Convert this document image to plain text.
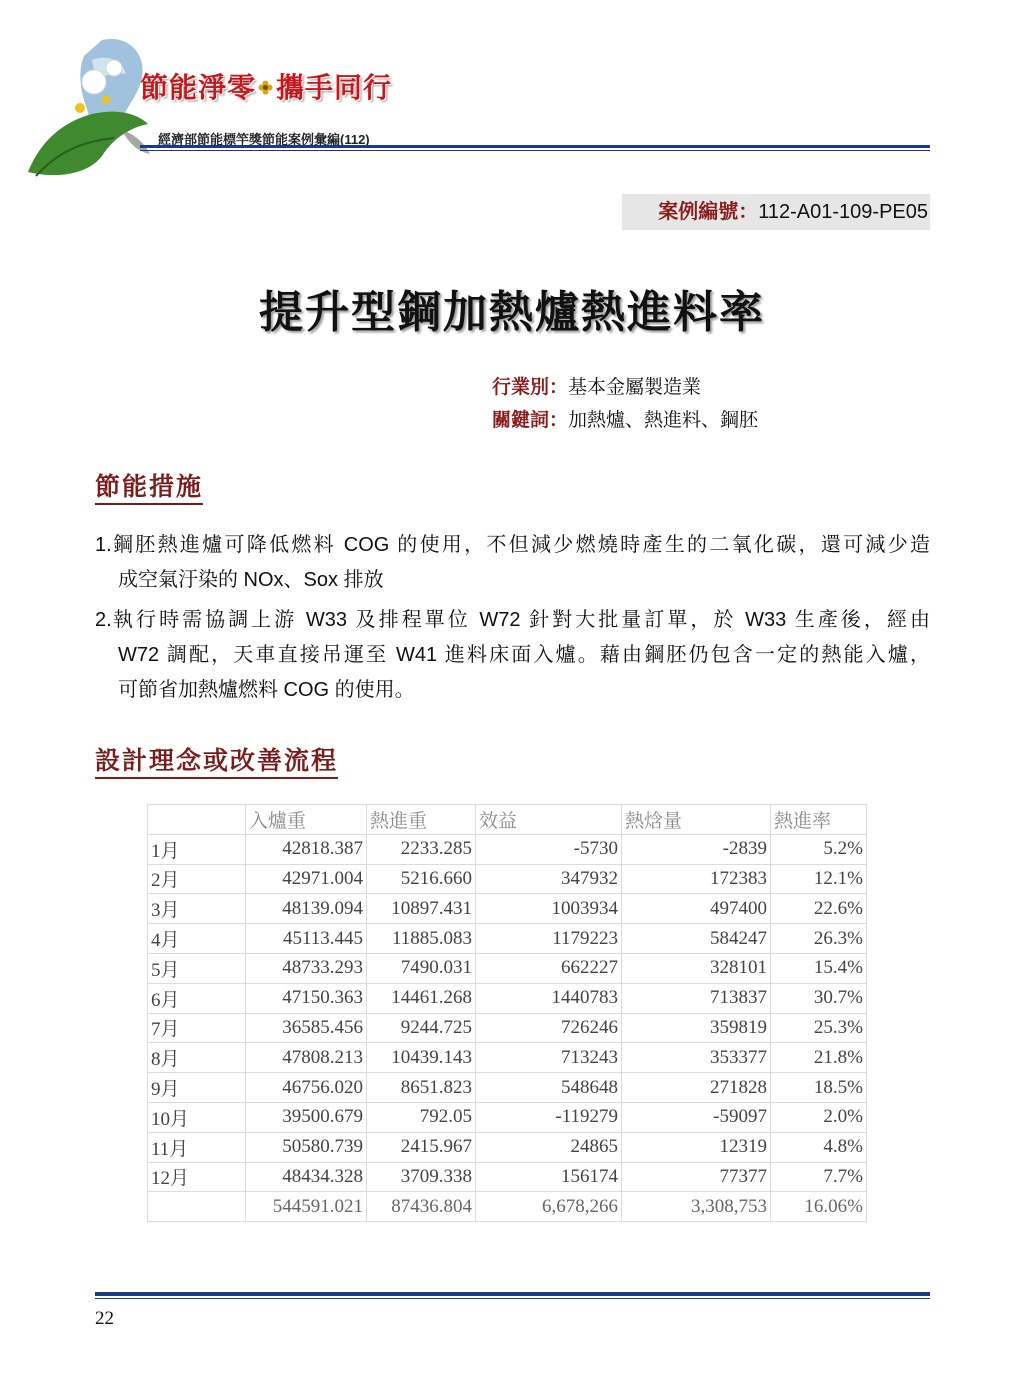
節能淨零 攜手同行
經濟部節能標竿獎節能案例彙編(112)
案例編號：112-A01-109-PE05
提升型鋼加熱爐熱進料率
行業別：基本金屬製造業
關鍵詞：加熱爐、熱進料、鋼胚
節能措施
1. 鋼胚熱進爐可降低燃料 COG 的使用，不但減少燃燒時產生的二氧化碳，還可減少造
成空氣汙染的 NOx、Sox 排放
2. 執行時需協調上游 W33 及排程單位 W72 針對大批量訂單，於 W33 生產後，經由
W72 調配，天車直接吊運至 W41 進料床面入爐。藉由鋼胚仍包含一定的熱能入爐，
可節省加熱爐燃料 COG 的使用。
設計理念或改善流程
	入爐重	熱進重	效益	熱焓量	熱進率
1月	42818.387	2233.285	-5730	-2839	5.2%
2月	42971.004	5216.660	347932	172383	12.1%
3月	48139.094	10897.431	1003934	497400	22.6%
4月	45113.445	11885.083	1179223	584247	26.3%
5月	48733.293	7490.031	662227	328101	15.4%
6月	47150.363	14461.268	1440783	713837	30.7%
7月	36585.456	9244.725	726246	359819	25.3%
8月	47808.213	10439.143	713243	353377	21.8%
9月	46756.020	8651.823	548648	271828	18.5%
10月	39500.679	792.05	-119279	-59097	2.0%
11月	50580.739	2415.967	24865	12319	4.8%
12月	48434.328	3709.338	156174	77377	7.7%
	544591.021	87436.804	6,678,266	3,308,753	16.06%
22
